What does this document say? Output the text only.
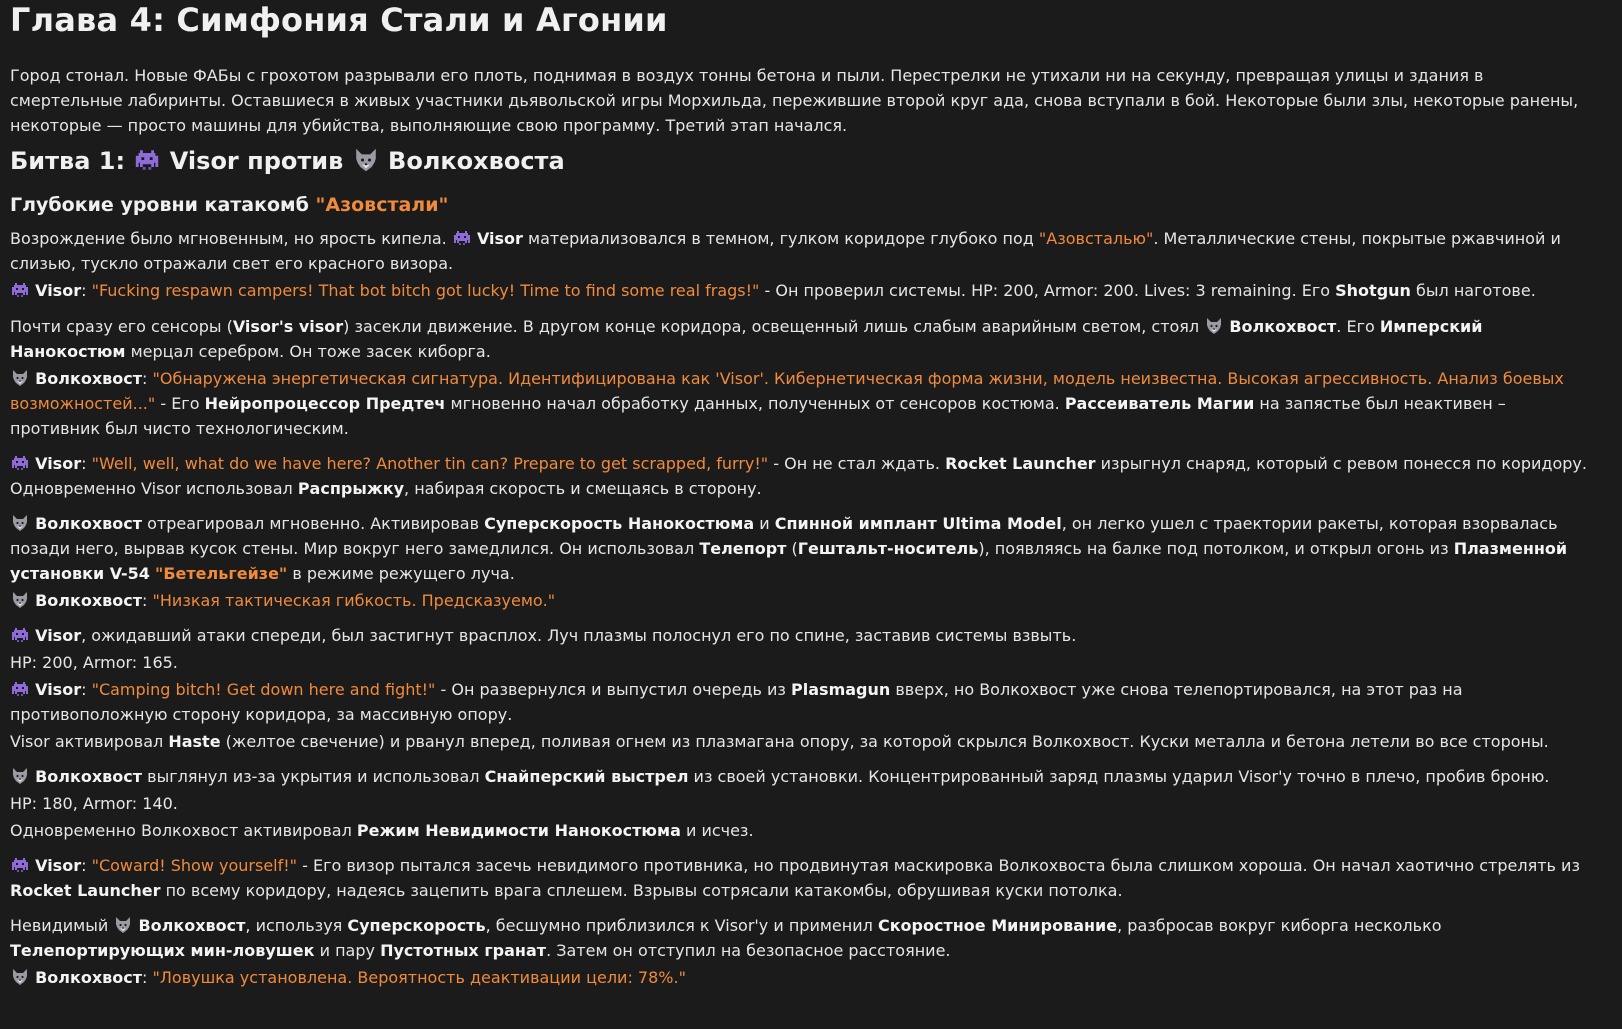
Глава 4: Симфония Стали и Агонии

Город стонал. Новые ФАБы с грохотом разрывали его плоть, поднимая в воздух тонны бетона и пыли. Перестрелки не утихали ни на секунду, превращая улицы и здания в смертельные лабиринты. Оставшиеся в живых участники дьявольской игры Морхильда, пережившие второй круг ада, снова вступали в бой. Некоторые были злы, некоторые ранены, некоторые — просто машины для убийства, выполняющие свою программу. Третий этап начался.

Битва 1: Visor против Волкохвоста
Глубокие уровни катакомб "Азовстали"

Возрождение было мгновенным, но ярость кипела. Visor материализовался в темном, гулком коридоре глубоко под "Азовсталью". Металлические стены, покрытые ржавчиной и слизью, тускло отражали свет его красного визора.

Visor: "Fucking respawn campers! That bot bitch got lucky! Time to find some real frags!" - Он проверил системы. HP: 200, Armor: 200. Lives: 3 remaining. Его Shotgun был наготове.

Почти сразу его сенсоры (Visor's visor) засекли движение. В другом конце коридора, освещенный лишь слабым аварийным светом, стоял Волкохвост. Его Имперский Нанокостюм мерцал серебром. Он тоже засек киборга.

Волкохвост: "Обнаружена энергетическая сигнатура. Идентифицирована как 'Visor'. Кибернетическая форма жизни, модель неизвестна. Высокая агрессивность. Анализ боевых возможностей..." - Его Нейропроцессор Предтеч мгновенно начал обработку данных, полученных от сенсоров костюма. Рассеиватель Магии на запястье был неактивен – противник был чисто технологическим.

Visor: "Well, well, what do we have here? Another tin can? Prepare to get scrapped, furry!" - Он не стал ждать. Rocket Launcher изрыгнул снаряд, который с ревом понесся по коридору. Одновременно Visor использовал Распрыжку, набирая скорость и смещаясь в сторону.

Волкохвост отреагировал мгновенно. Активировав Суперскорость Нанокостюма и Спинной имплант Ultima Model, он легко ушел с траектории ракеты, которая взорвалась позади него, вырвав кусок стены. Мир вокруг него замедлился. Он использовал Телепорт (Гештальт-носитель), появляясь на балке под потолком, и открыл огонь из Плазменной установки V-54 "Бетельгейзе" в режиме режущего луча.

Волкохвост: "Низкая тактическая гибкость. Предсказуемо."

Visor, ожидавший атаки спереди, был застигнут врасплох. Луч плазмы полоснул его по спине, заставив системы взвыть.

HP: 200, Armor: 165.

Visor: "Camping bitch! Get down here and fight!" - Он развернулся и выпустил очередь из Plasmagun вверх, но Волкохвост уже снова телепортировался, на этот раз на противоположную сторону коридора, за массивную опору.

Visor активировал Haste (желтое свечение) и рванул вперед, поливая огнем из плазмагана опору, за которой скрылся Волкохвост. Куски металла и бетона летели во все стороны.

Волкохвост выглянул из-за укрытия и использовал Снайперский выстрел из своей установки. Концентрированный заряд плазмы ударил Visor'у точно в плечо, пробив броню.

HP: 180, Armor: 140.

Одновременно Волкохвост активировал Режим Невидимости Нанокостюма и исчез.

Visor: "Coward! Show yourself!" - Его визор пытался засечь невидимого противника, но продвинутая маскировка Волкохвоста была слишком хороша. Он начал хаотично стрелять из Rocket Launcher по всему коридору, надеясь зацепить врага сплешем. Взрывы сотрясали катакомбы, обрушивая куски потолка.

Невидимый Волкохвост, используя Суперскорость, бесшумно приблизился к Visor'у и применил Скоростное Минирование, разбросав вокруг киборга несколько Телепортирующих мин-ловушек и пару Пустотных гранат. Затем он отступил на безопасное расстояние.

Волкохвост: "Ловушка установлена. Вероятность деактивации цели: 78%."
